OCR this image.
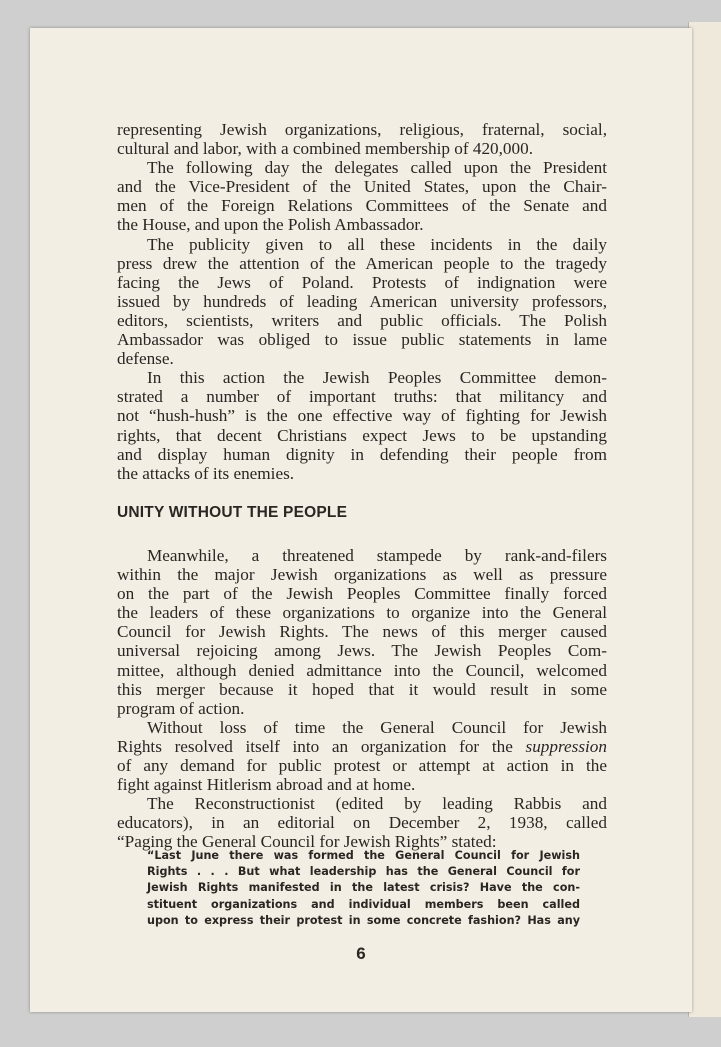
representing Jewish organizations, religious, fraternal, social,
cultural and labor, with a combined membership of 420,000.
The following day the delegates called upon the President
and the Vice-President of the United States, upon the Chair-
men of the Foreign Relations Committees of the Senate and
the House, and upon the Polish Ambassador.
The publicity given to all these incidents in the daily
press drew the attention of the American people to the tragedy
facing the Jews of Poland. Protests of indignation were
issued by hundreds of leading American university professors,
editors, scientists, writers and public officials. The Polish
Ambassador was obliged to issue public statements in lame
defense.
In this action the Jewish Peoples Committee demon-
strated a number of important truths: that militancy and
not “hush-hush” is the one effective way of fighting for Jewish
rights, that decent Christians expect Jews to be upstanding
and display human dignity in defending their people from
the attacks of its enemies.
UNITY WITHOUT THE PEOPLE
Meanwhile, a threatened stampede by rank-and-filers
within the major Jewish organizations as well as pressure
on the part of the Jewish Peoples Committee finally forced
the leaders of these organizations to organize into the General
Council for Jewish Rights. The news of this merger caused
universal rejoicing among Jews. The Jewish Peoples Com-
mittee, although denied admittance into the Council, welcomed
this merger because it hoped that it would result in some
program of action.
Without loss of time the General Council for Jewish
Rights resolved itself into an organization for the suppression
of any demand for public protest or attempt at action in the
fight against Hitlerism abroad and at home.
The Reconstructionist (edited by leading Rabbis and
educators), in an editorial on December 2, 1938, called
“Paging the General Council for Jewish Rights” stated:
“Last June there was formed the General Council for Jewish
Rights . . . But what leadership has the General Council for
Jewish Rights manifested in the latest crisis? Have the con-
stituent organizations and individual members been called
upon to express their protest in some concrete fashion? Has any
6
